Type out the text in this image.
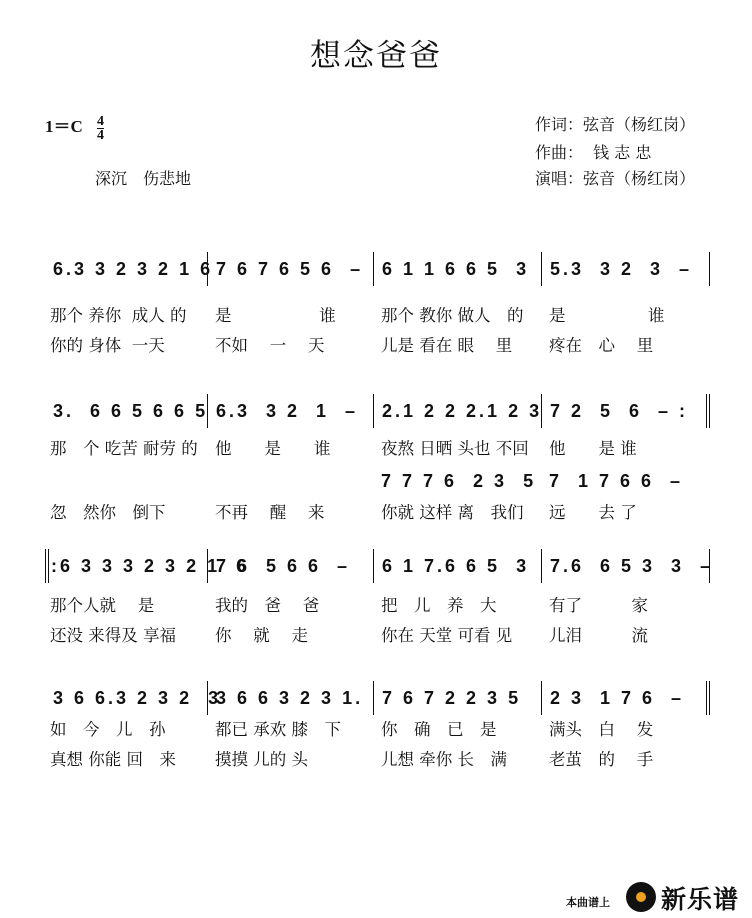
想念爸爸
$1=C \frac{4}{4}$
深沉　伤悲地
作词：弦音（杨红岗）
作曲：  钱 志 忠
演唱：弦音（杨红岗）
6.3 3 2 3 2 1 6 7 6 7 6 5 6  –	6 1 1 6 6 5  3	5.3  3 2  3  –
那个 养你  成人 的	是　　　　　 谁	那个 教你 做人　的	是　　　　　谁
你的 身体  一天	不如　 一　 天	儿是 看在 眼　 里	疼在　心　 里
3.  6 6 5 6 6 5 6.3  3 2  1  –	2.1 2 2 2.1 2 3 7 2  5  6  – :
那　个 吃苦 耐劳 的	他　　是　　谁	夜熬 日晒 头也 不回	他　　是 谁
7 7 7 6  2 3  5 7  1 7 6 6  –
忽　然你　倒下	不再　 醒　 来	你就 这样 离　我们	远　　去 了
:6 3 3 3 2 3 2 1  6
7 6  5 6 6  –	6 1 7.6 6 5  3	7.6  6 5 3  3  –
那个人就　 是	我的　爸　 爸	把　儿　养　大	有了　　　家
还没 来得及 享福	你　 就　 走	你在 天堂 可看 见	儿泪　　　流
3 6 6.3 2 3 2  3
3 6 6 3 2 3 1.	7 6 7 2 2 3 5	2 3  1 7 6  –
如　今　儿　孙	都已 承欢 膝　下	你　确　已　是	满头　白　 发
真想 你能 回　来	摸摸 儿的 头	儿想 牵你 长　满	老茧　的　 手
本曲谱上 新乐谱
